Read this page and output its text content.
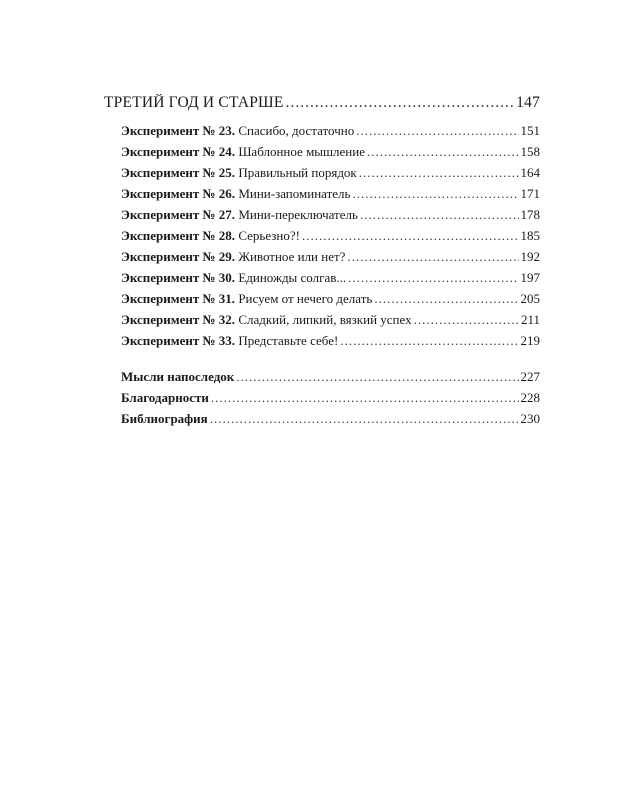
ТРЕТИЙ ГОД И СТАРШЕ .....	147
Эксперимент № 23. Спасибо, достаточно .....	151
Эксперимент № 24. Шаблонное мышление .....	158
Эксперимент № 25. Правильный порядок .....	164
Эксперимент № 26. Мини-запоминатель .....	171
Эксперимент № 27. Мини-переключатель .....	178
Эксперимент № 28. Серьезно?! .....	185
Эксперимент № 29. Животное или нет? .....	192
Эксперимент № 30. Единожды солгав... .....	197
Эксперимент № 31. Рисуем от нечего делать .....	205
Эксперимент № 32. Сладкий, липкий, вязкий успех .....	211
Эксперимент № 33. Представьте себе! .....	219
Мысли напоследок .....	227
Благодарности .....	228
Библиография .....	230
